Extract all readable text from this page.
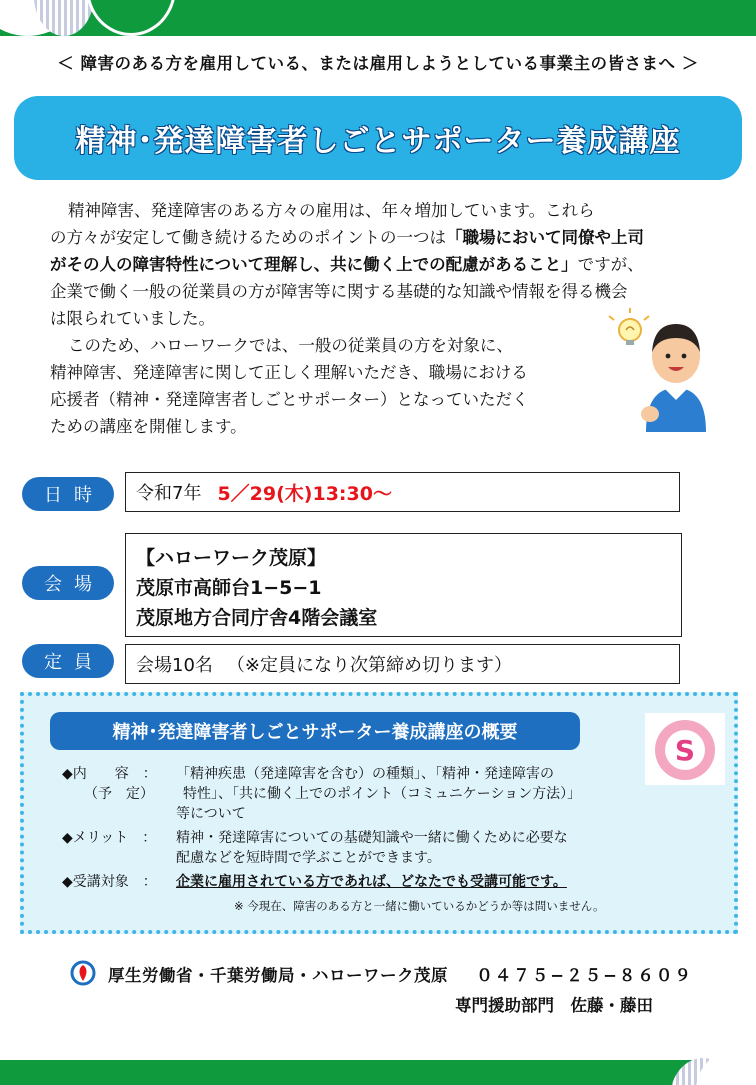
＜ 障害のある方を雇用している、または雇用しようとしている事業主の皆さまへ ＞
精神･発達障害者しごとサポーター養成講座

精神障害、発達障害のある方々の雇用は、年々増加しています。これら

の方々が安定して働き続けるためのポイントの一つは「職場において同僚や上司

がその人の障害特性について理解し、共に働く上での配慮があること」ですが、

企業で働く一般の従業員の方が障害等に関する基礎的な知識や情報を得る機会

は限られていました。

このため、ハローワークでは、一般の従業員の方を対象に、

精神障害、発達障害に関して正しく理解いただき、職場における

応援者（精神・発達障害者しごとサポーター）となっていただく

ための講座を開催します。

日時	令和7年 5／29(木)13:30～
会場
【ハローワーク茂原】
茂原市高師台1−5−1
茂原地方合同庁舎4階会議室
定員	会場10名 （※定員になり次第締め切ります）
精神･発達障害者しごとサポーター養成講座の概要
S
◆内　　容　：
（予　定）
「精神疾患（発達障害を含む）の種類」、「精神・発達障害の
特性」、「共に働く上でのポイント（コミュニケーション方法）」
等について
◆メリット　： 精神・発達障害についての基礎知識や一緒に働くために必要な
配慮などを短時間で学ぶことができます。
◆受講対象　： 企業に雇用されている方であれば、どなたでも受講可能です。
※ 今現在、障害のある方と一緒に働いているかどうか等は問いません。
厚生労働省・千葉労働局・ハローワーク茂原 ０４７５−２５−８６０９
専門援助部門　佐藤・藤田
